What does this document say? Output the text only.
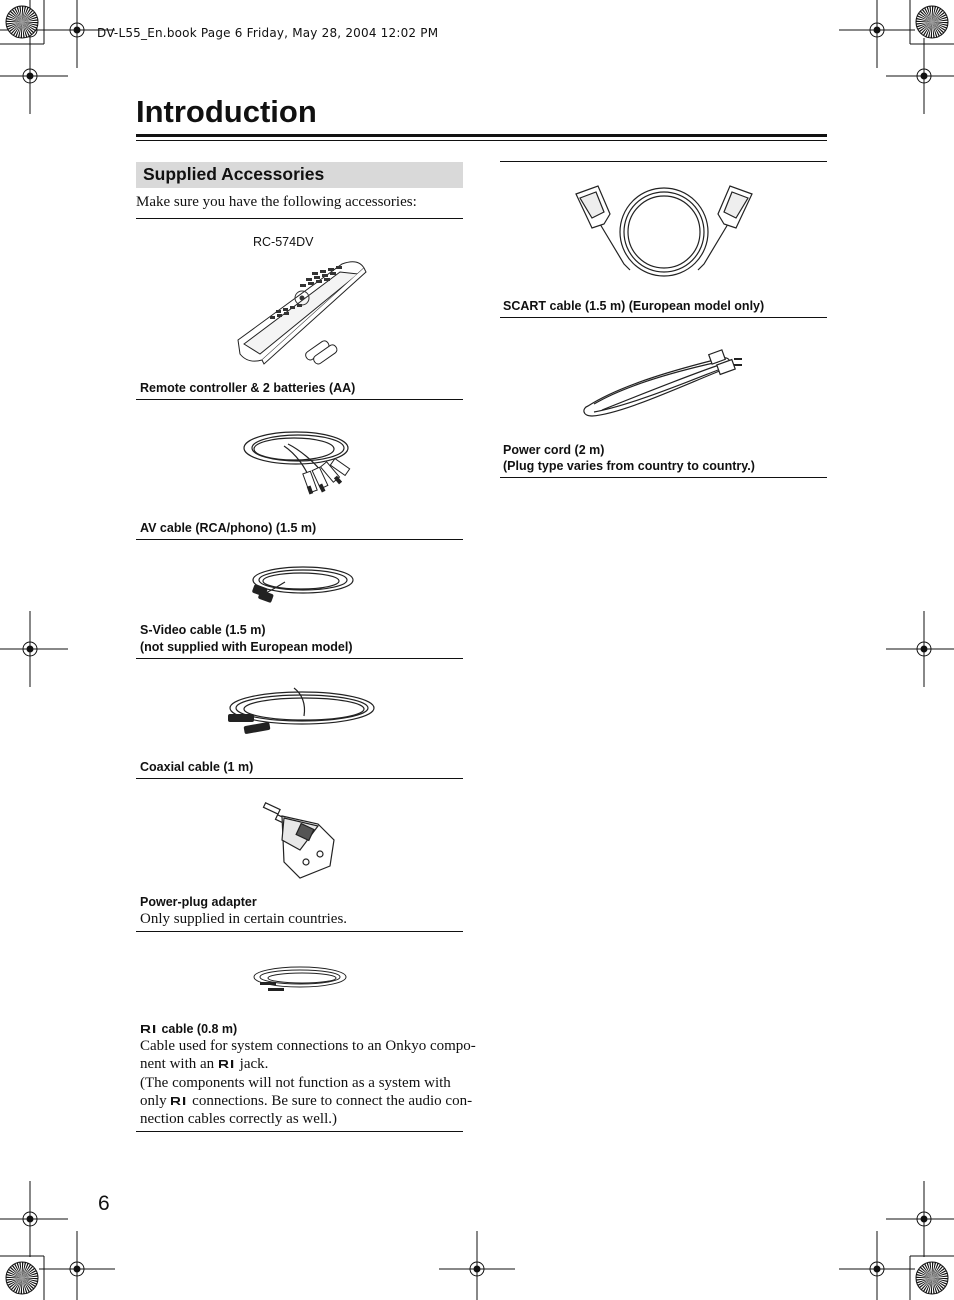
DV-L55_En.book Page 6 Friday, May 28, 2004 12:02 PM
Introduction
Supplied Accessories
Make sure you have the following accessories:
RC-574DV
Remote controller & 2 batteries (AA)
AV cable (RCA/phono) (1.5 m)
S-Video cable (1.5 m)
(not supplied with European model)
Coaxial cable (1 m)
Power-plug adapter
Only supplied in certain countries.
cable (0.8 m)
Cable used for system connections to an Onkyo compo-
nent with an jack.
(The components will not function as a system with
only connections. Be sure to connect the audio con-
nection cables correctly as well.)
SCART cable (1.5 m) (European model only)
Power cord (2 m)
(Plug type varies from country to country.)
6
